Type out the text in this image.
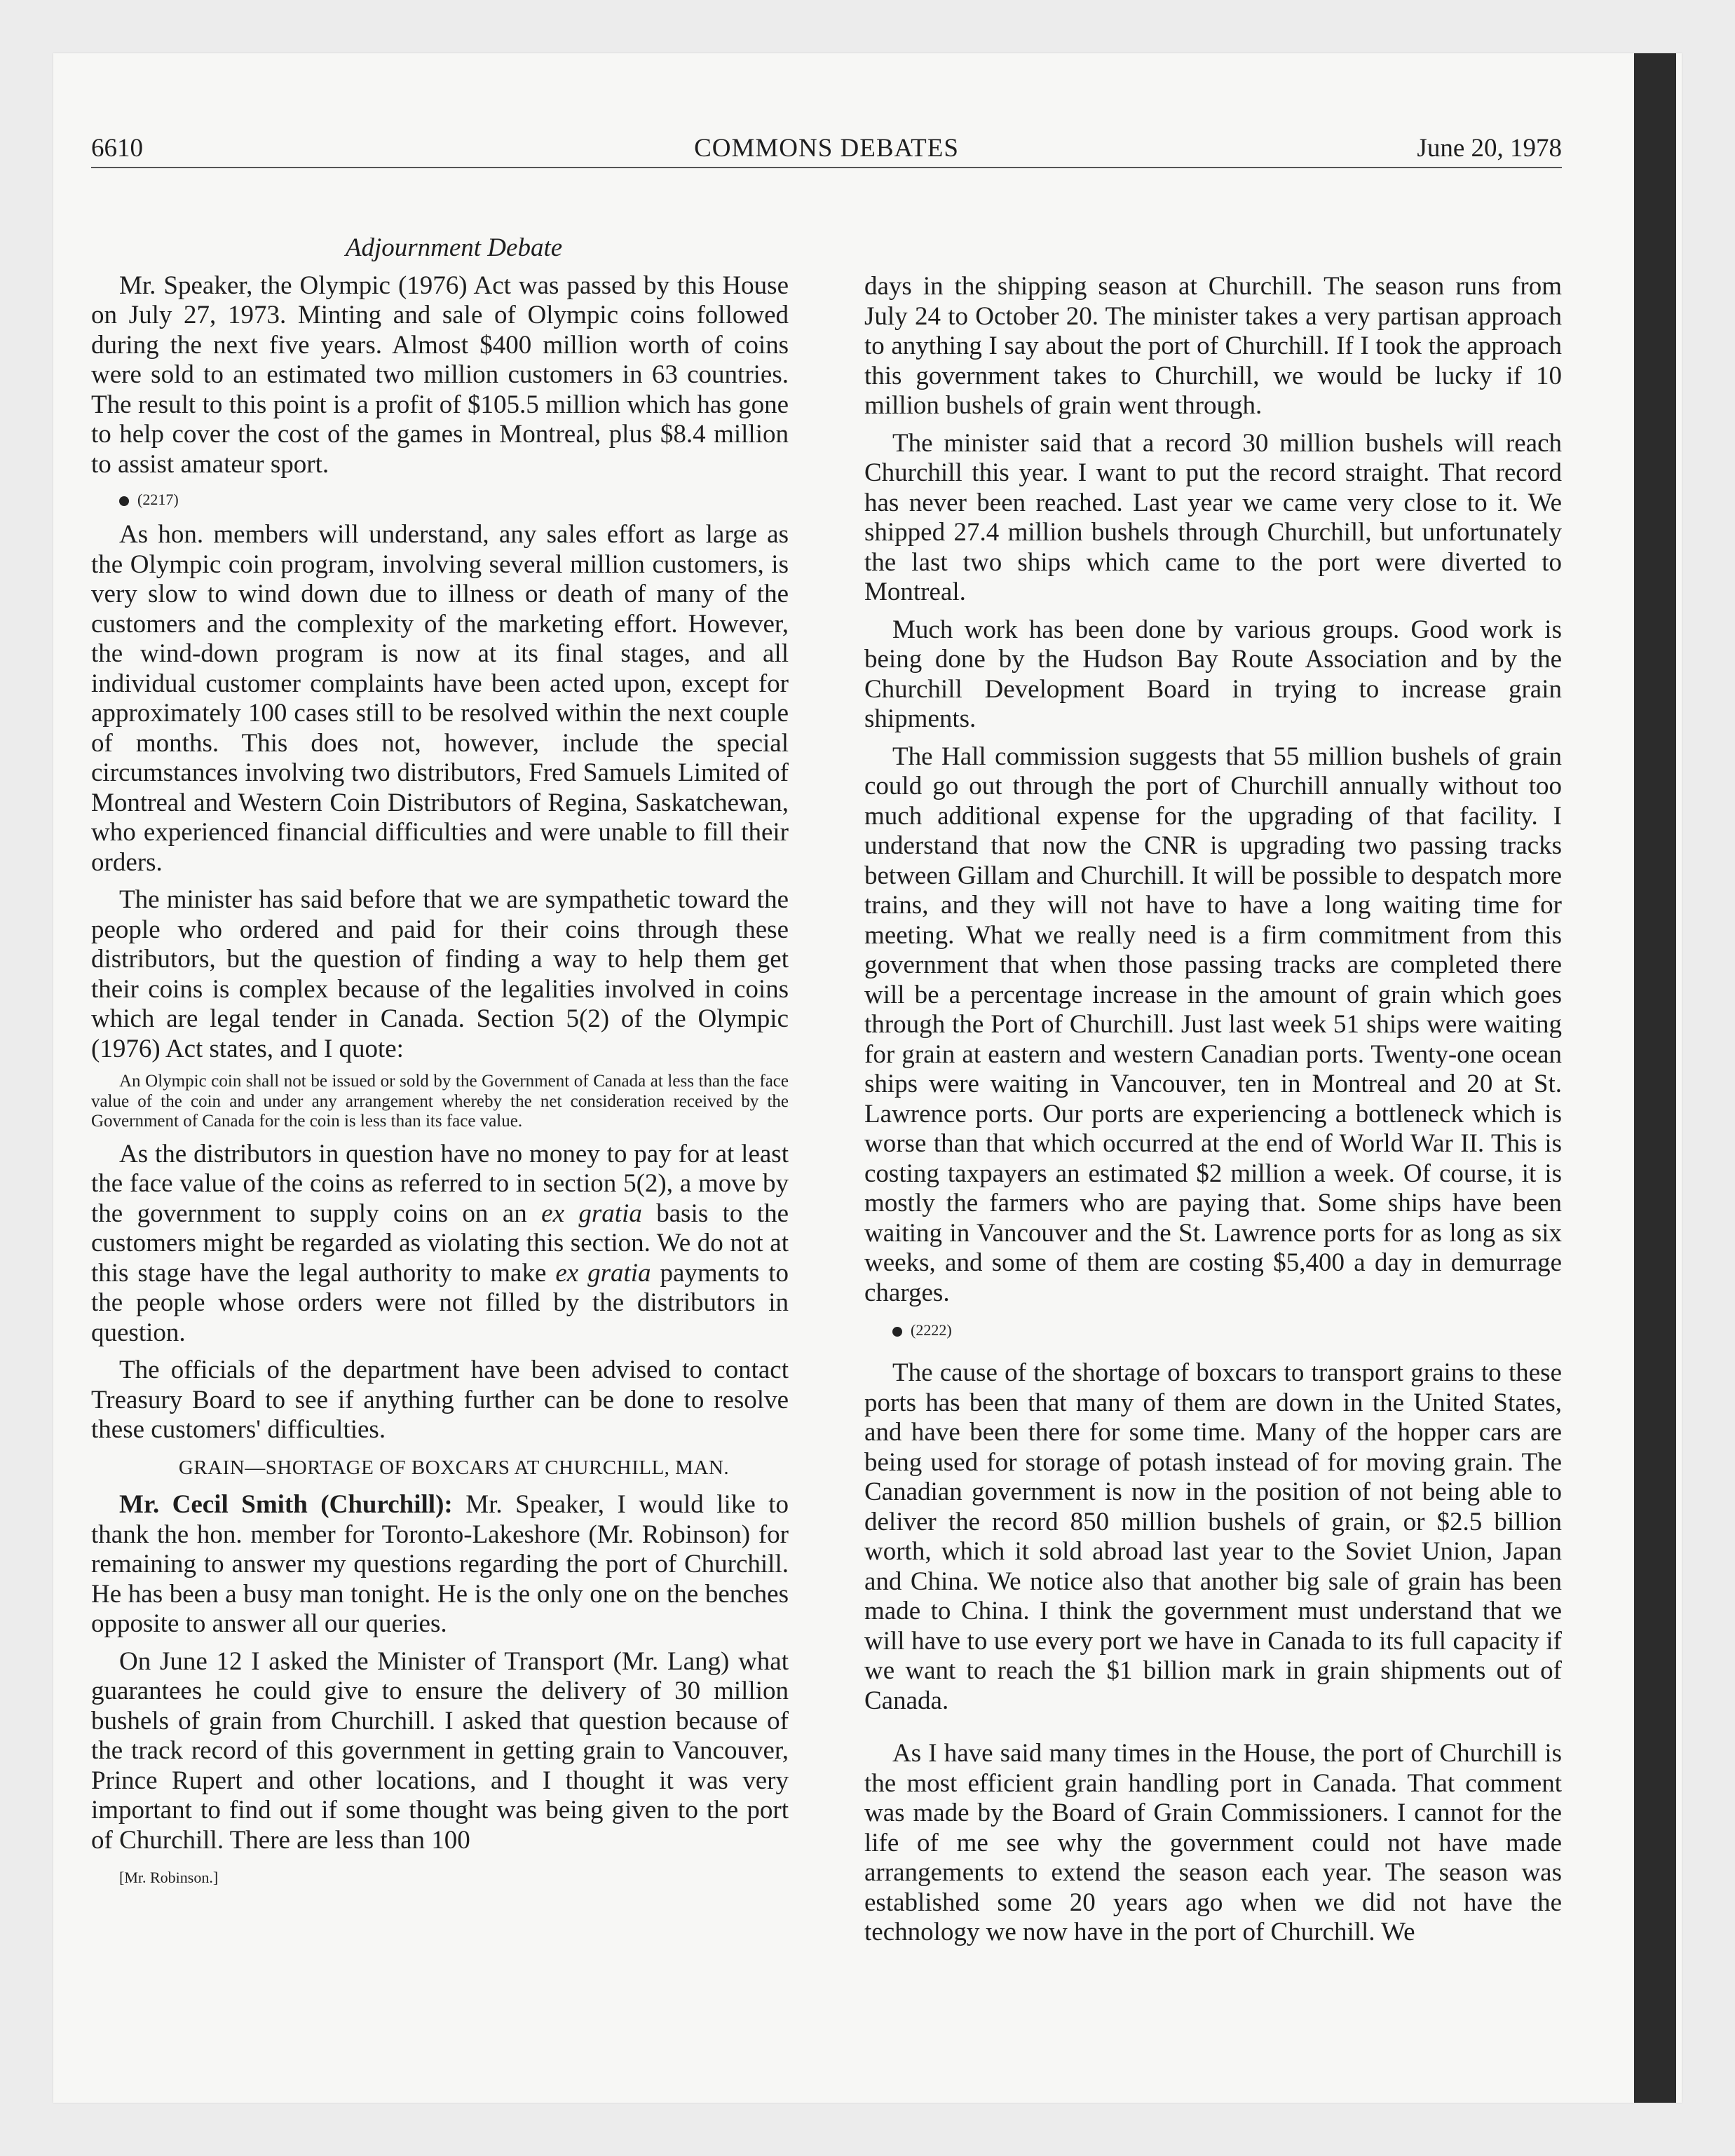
6610	COMMONS DEBATES	June 20, 1978

Adjournment Debate

Mr. Speaker, the Olympic (1976) Act was passed by this House on July 27, 1973. Minting and sale of Olympic coins followed during the next five years. Almost $400 million worth of coins were sold to an estimated two million customers in 63 countries. The result to this point is a profit of $105.5 million which has gone to help cover the cost of the games in Montreal, plus $8.4 million to assist amateur sport.

(2217)

As hon. members will understand, any sales effort as large as the Olympic coin program, involving several million customers, is very slow to wind down due to illness or death of many of the customers and the complexity of the marketing effort. However, the wind-down program is now at its final stages, and all individual customer complaints have been acted upon, except for approximately 100 cases still to be resolved within the next couple of months. This does not, however, include the special circumstances involving two distributors, Fred Samuels Limited of Montreal and Western Coin Distributors of Regina, Saskatchewan, who experienced financial difficulties and were unable to fill their orders.

The minister has said before that we are sympathetic toward the people who ordered and paid for their coins through these distributors, but the question of finding a way to help them get their coins is complex because of the legalities involved in coins which are legal tender in Canada. Section 5(2) of the Olympic (1976) Act states, and I quote:

An Olympic coin shall not be issued or sold by the Government of Canada at less than the face value of the coin and under any arrangement whereby the net consideration received by the Government of Canada for the coin is less than its face value.

As the distributors in question have no money to pay for at least the face value of the coins as referred to in section 5(2), a move by the government to supply coins on an ex gratia basis to the customers might be regarded as violating this section. We do not at this stage have the legal authority to make ex gratia payments to the people whose orders were not filled by the distributors in question.

The officials of the department have been advised to contact Treasury Board to see if anything further can be done to resolve these customers' difficulties.

GRAIN—SHORTAGE OF BOXCARS AT CHURCHILL, MAN.

Mr. Cecil Smith (Churchill): Mr. Speaker, I would like to thank the hon. member for Toronto-Lakeshore (Mr. Robinson) for remaining to answer my questions regarding the port of Churchill. He has been a busy man tonight. He is the only one on the benches opposite to answer all our queries.

On June 12 I asked the Minister of Transport (Mr. Lang) what guarantees he could give to ensure the delivery of 30 million bushels of grain from Churchill. I asked that question because of the track record of this government in getting grain to Vancouver, Prince Rupert and other locations, and I thought it was very important to find out if some thought was being given to the port of Churchill. There are less than 100

[Mr. Robinson.]

days in the shipping season at Churchill. The season runs from July 24 to October 20. The minister takes a very partisan approach to anything I say about the port of Churchill. If I took the approach this government takes to Churchill, we would be lucky if 10 million bushels of grain went through.

The minister said that a record 30 million bushels will reach Churchill this year. I want to put the record straight. That record has never been reached. Last year we came very close to it. We shipped 27.4 million bushels through Churchill, but unfortunately the last two ships which came to the port were diverted to Montreal.

Much work has been done by various groups. Good work is being done by the Hudson Bay Route Association and by the Churchill Development Board in trying to increase grain shipments.

The Hall commission suggests that 55 million bushels of grain could go out through the port of Churchill annually without too much additional expense for the upgrading of that facility. I understand that now the CNR is upgrading two passing tracks between Gillam and Churchill. It will be possible to despatch more trains, and they will not have to have a long waiting time for meeting. What we really need is a firm commitment from this government that when those passing tracks are completed there will be a percentage increase in the amount of grain which goes through the Port of Churchill. Just last week 51 ships were waiting for grain at eastern and western Canadian ports. Twenty-one ocean ships were waiting in Vancouver, ten in Montreal and 20 at St. Lawrence ports. Our ports are experiencing a bottleneck which is worse than that which occurred at the end of World War II. This is costing taxpayers an estimated $2 million a week. Of course, it is mostly the farmers who are paying that. Some ships have been waiting in Vancouver and the St. Lawrence ports for as long as six weeks, and some of them are costing $5,400 a day in demurrage charges.

(2222)

The cause of the shortage of boxcars to transport grains to these ports has been that many of them are down in the United States, and have been there for some time. Many of the hopper cars are being used for storage of potash instead of for moving grain. The Canadian government is now in the position of not being able to deliver the record 850 million bushels of grain, or $2.5 billion worth, which it sold abroad last year to the Soviet Union, Japan and China. We notice also that another big sale of grain has been made to China. I think the government must understand that we will have to use every port we have in Canada to its full capacity if we want to reach the $1 billion mark in grain shipments out of Canada.

As I have said many times in the House, the port of Churchill is the most efficient grain handling port in Canada. That comment was made by the Board of Grain Commissioners. I cannot for the life of me see why the government could not have made arrangements to extend the season each year. The season was established some 20 years ago when we did not have the technology we now have in the port of Churchill. We
